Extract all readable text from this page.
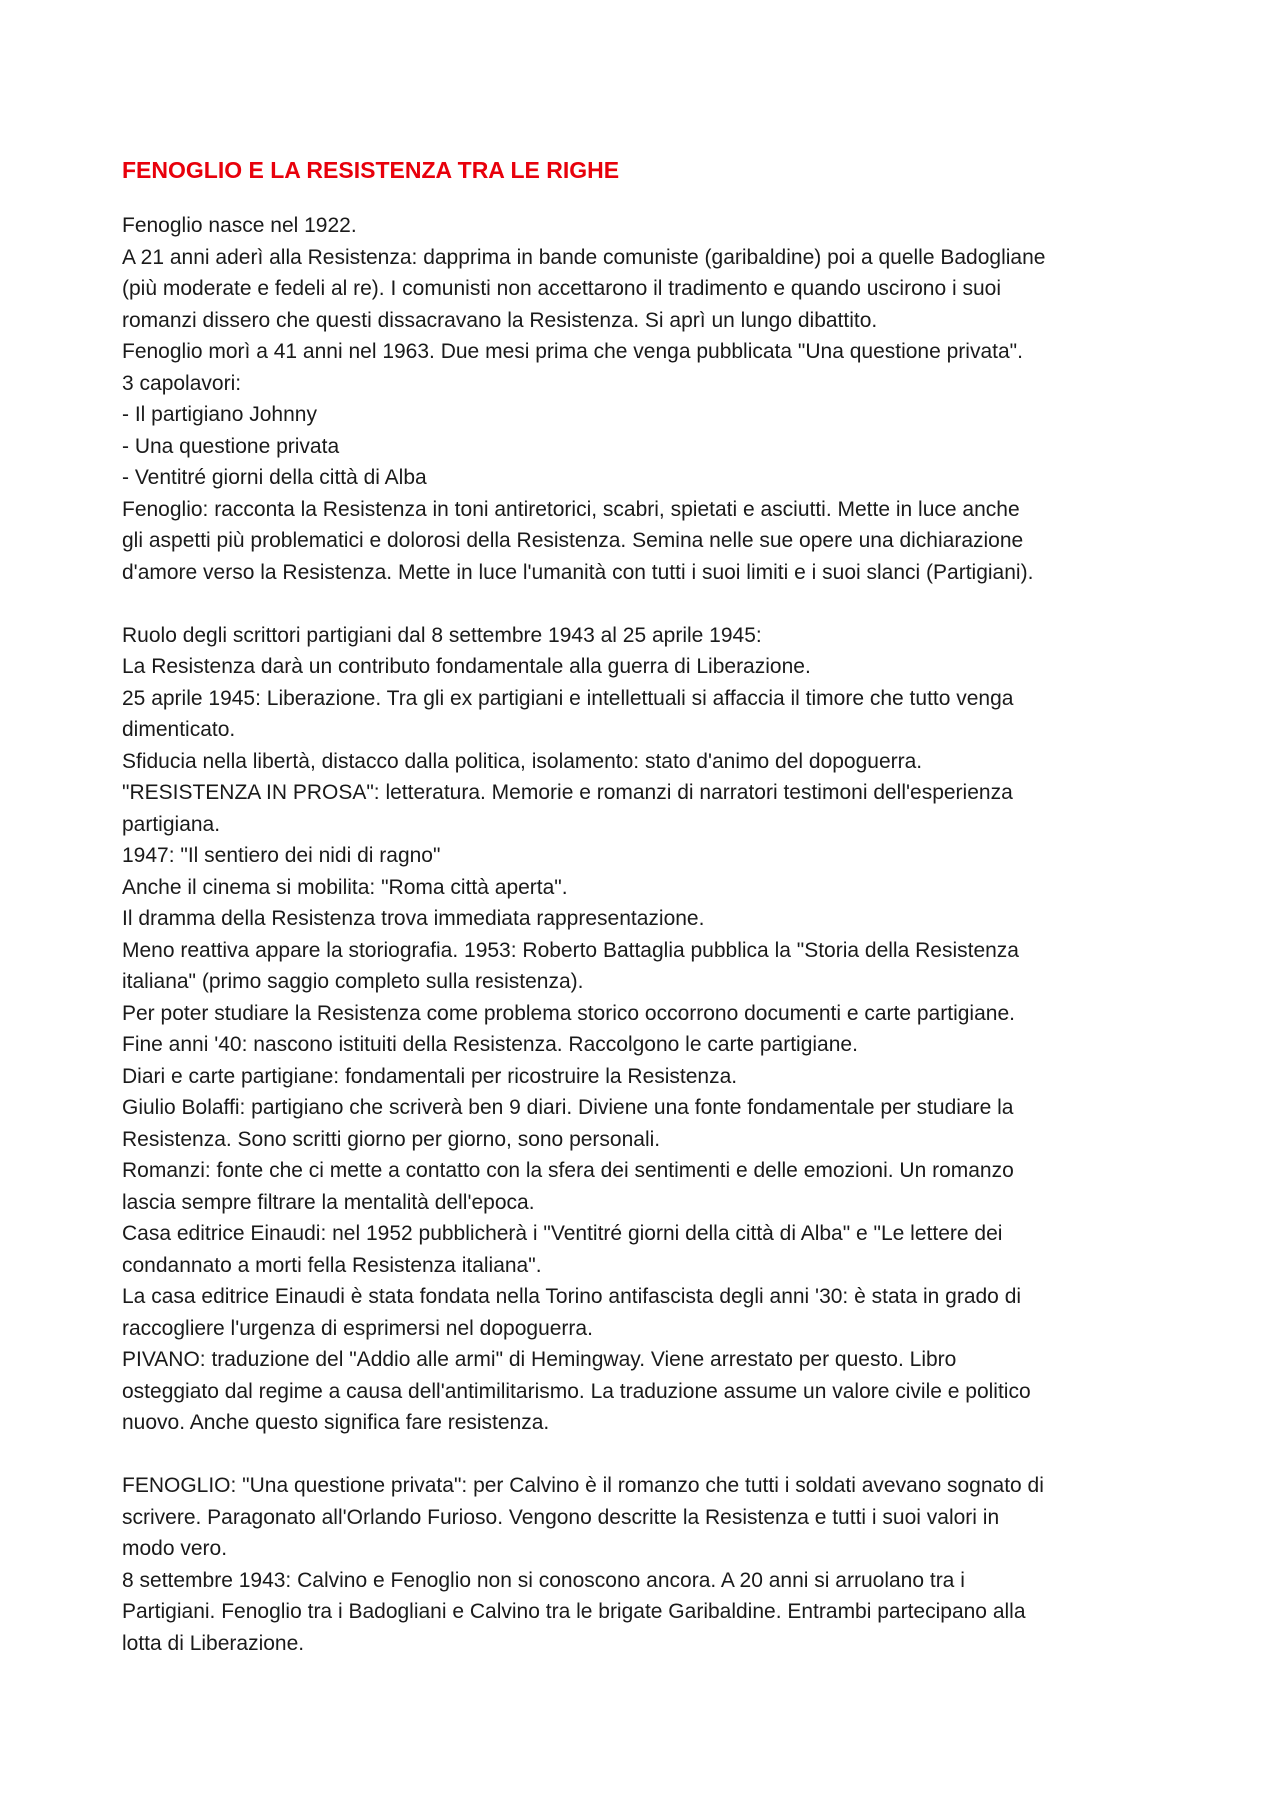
FENOGLIO E LA RESISTENZA TRA LE RIGHE
Fenoglio nasce nel 1922.
A 21 anni aderì alla Resistenza: dapprima in bande comuniste (garibaldine) poi a quelle Badogliane
(più moderate e fedeli al re). I comunisti non accettarono il tradimento e quando uscirono i suoi
romanzi dissero che questi dissacravano la Resistenza. Si aprì un lungo dibattito.
Fenoglio morì a 41 anni nel 1963. Due mesi prima che venga pubblicata "Una questione privata".
3 capolavori:
- Il partigiano Johnny
- Una questione privata
- Ventitré giorni della città di Alba
Fenoglio: racconta la Resistenza in toni antiretorici, scabri, spietati e asciutti. Mette in luce anche
gli aspetti più problematici e dolorosi della Resistenza. Semina nelle sue opere una dichiarazione
d'amore verso la Resistenza. Mette in luce l'umanità con tutti i suoi limiti e i suoi slanci (Partigiani).
Ruolo degli scrittori partigiani dal 8 settembre 1943 al 25 aprile 1945:
La Resistenza darà un contributo fondamentale alla guerra di Liberazione.
25 aprile 1945: Liberazione. Tra gli ex partigiani e intellettuali si affaccia il timore che tutto venga
dimenticato.
Sfiducia nella libertà, distacco dalla politica, isolamento: stato d'animo del dopoguerra.
"RESISTENZA IN PROSA": letteratura. Memorie e romanzi di narratori testimoni dell'esperienza
partigiana.
1947: "Il sentiero dei nidi di ragno"
Anche il cinema si mobilita: "Roma città aperta".
Il dramma della Resistenza trova immediata rappresentazione.
Meno reattiva appare la storiografia. 1953: Roberto Battaglia pubblica la "Storia della Resistenza
italiana" (primo saggio completo sulla resistenza).
Per poter studiare la Resistenza come problema storico occorrono documenti e carte partigiane.
Fine anni '40: nascono istituiti della Resistenza. Raccolgono le carte partigiane.
Diari e carte partigiane: fondamentali per ricostruire la Resistenza.
Giulio Bolaffi: partigiano che scriverà ben 9 diari. Diviene una fonte fondamentale per studiare la
Resistenza. Sono scritti giorno per giorno, sono personali.
Romanzi: fonte che ci mette a contatto con la sfera dei sentimenti e delle emozioni. Un romanzo
lascia sempre filtrare la mentalità dell'epoca.
Casa editrice Einaudi: nel 1952 pubblicherà i "Ventitré giorni della città di Alba" e "Le lettere dei
condannato a morti fella Resistenza italiana".
La casa editrice Einaudi è stata fondata nella Torino antifascista degli anni '30: è stata in grado di
raccogliere l'urgenza di esprimersi nel dopoguerra.
PIVANO: traduzione del "Addio alle armi" di Hemingway. Viene arrestato per questo. Libro
osteggiato dal regime a causa dell'antimilitarismo. La traduzione assume un valore civile e politico
nuovo. Anche questo significa fare resistenza.
FENOGLIO: "Una questione privata": per Calvino è il romanzo che tutti i soldati avevano sognato di
scrivere. Paragonato all'Orlando Furioso. Vengono descritte la Resistenza e tutti i suoi valori in
modo vero.
8 settembre 1943: Calvino e Fenoglio non si conoscono ancora. A 20 anni si arruolano tra i
Partigiani. Fenoglio tra i Badogliani e Calvino tra le brigate Garibaldine. Entrambi partecipano alla
lotta di Liberazione.
